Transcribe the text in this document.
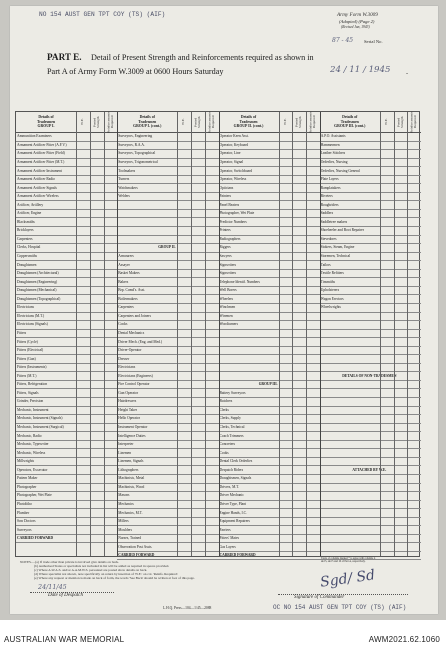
NO 154 AUST GEN TPT COY (TS) (AIF)	Army Form W.3009
(Adapted) (Page 2)
(Revised Jan, 1943)
87 - 45 Serial No.
PART E. Detail of Present Strength and Reinforcements required as shown in
Part A of Army Form W.3009 at 0600 Hours Saturday	24 / 11 / 1945 .
Details of
Tradesmen
GROUP I.
W.E.	Posted Strength	Reinforcements Required
Ammunition Examiners
Armament Artificer Fitter (A.F.V.)
Armament Artificer Fitter (Field)
Armament Artificer Fitter (M.T.)
Armament Artificer Instrument
Armament Artificer Radio
Armament Artificer Signals
Armament Artificer Wireless
Artificer, Artillery
Artificer, Engine
Blacksmiths
Bricklayers
Carpenters
Clerks, Hospital
Coppersmiths
Draughtsmen
Draughtsmen (Architectural)
Draughtsmen (Engineering)
Draughtsmen (Mechanical)
Draughtsmen (Topographical)
Electricians
Electricians (M.T.)
Electricians (Signals)
Fitters
Fitters (Cycle)
Fitters (Electrical)
Fitters (Gun)
Fitters (Instruments)
Fitters (M.T.)
Fitters, Refrigeration
Fitters, Signals
Grinder, Precision
Mechanic, Instrument
Mechanic, Instrument (Signals)
Mechanic, Instrument (Surgical)
Mechanic, Radio
Mechanic, Typewriter
Mechanic, Wireless
Millwrights
Operators, Excavator
Pattern Maker
Photographer
Photographer, Wet Plate
Photolitho
Plumber
Saw Doctors
Surveyors
CARRIED FORWARD
Details of
Tradesmen
GROUP I. (cont.)
W.E.	Posted Strength	Reinforcements Required
Surveyors, Engineering
Surveyors, R.A.A.
Surveyors, Topographical
Surveyors, Trigonometrical
Toolmakers
Turners
Watchmakers
Welders
GROUP II.
Armourers
Assayer
Basket Makers
Bakers
Brp. Comd's. Asst.
Boilermakers
Carpenters
Carpenters and Joiners
Cooks
Dental Mechanics
Driver Mech. (Eng. and Med.)
Driver-Operator
Dresser
Electricians
Electricians (Engineers)
Fire Control Operator
Gun Operator
Hairdressers
Height Taker
Hello Operator
Instrument Operator
Intelligence Duties
Interpreter
Linemen
Linemen, Signals
Lithographers
Machinists, Metal
Machinists, Wood
Masons
Mechanics
Mechanics, M.T.
Millers
Moulders
Nurses, Trained
Observation Post Assts.
CARRIED FORWARD
Details of
Tradesmen
GROUP II. (cont.)
W.E.	Posted Strength	Reinforcements Required
Operator Keen Asst.
Operator, Keyboard
Operator, Line
Operator, Signal
Operator, Switchboard
Operator, Wireless
Opticians
Painters
Panel Beaters
Photographer, Wet Plate
Predictor Numbers
Printers
Radiographers
Riggers
Sawyers
Signwriters
Signwriters
Telephone Identif. Numbers
Well Borers
Wheelers
Winchmen
Wiremen
Woodturners
GROUP III.
Battery Surveyors
Butchers
Clerks
Clerks, Supply
Clerks, Technical
Coach Trimmers
Concreters
Cooks
Dental Clerk Orderlies
Despatch Riders
Draughtsmen, Signals
Drivers, M.T.
Driver Mechanic
Driver Type, Plant
Engine Hands, I.C.
Equipment Repairers
Farriers
Fitters' Mates
Gas Layers
CARRIED FORWARD
Details of
Tradesmen
GROUP III. (cont.)
W.E.	Posted Strength	Reinforcements Required
A.P.O. Assistants
Hammermen
Leather Stitchers
Orderlies, Nursing
Orderlies, Nursing General
Plate Layers
Ramplatakers
Riveters
Roughriders
Saddlers
Saddletree makers
Shoeheeler and Boot Repairer
Stevedores
Stokers, Steam, Engine
Storemen, Technical
Tailors
Textile Refitters
Tinsmiths
Upholsterers
Wagon Erectors
Wheelwrights
DETAILS OF NON-TRADESMEN
ATTACHED BY W.E.
Totals of columns marked * to agree with columns 4 and 5, and 5 and 10 of Part A, respectively.
NOTES.—(a) If trade other than private is involved give details on back.
(b) Authorised States or specialists not included in list will be added as required in spaces provided.
(c) Where A.W.A.S. and/or A.A.M.W.S. personnel are posted show details on back.
(d) Where specialist not shown, note specifically on return by insertion of 'N.E.' on col. 'Reinfs. Required'.
(e) Where any request or mention is made on back of form, the words 'See Back' should be written at foot of this page.
24/11/45
Date of Despatch
Sgd/ Sd
Signature of Commander
L.H.Q. Press—104—1/45—2088	OC NO 154 AUST GEN TPT COY (TS) (AIF)
AUSTRALIAN WAR MEMORIAL	AWM2021.62.1060
